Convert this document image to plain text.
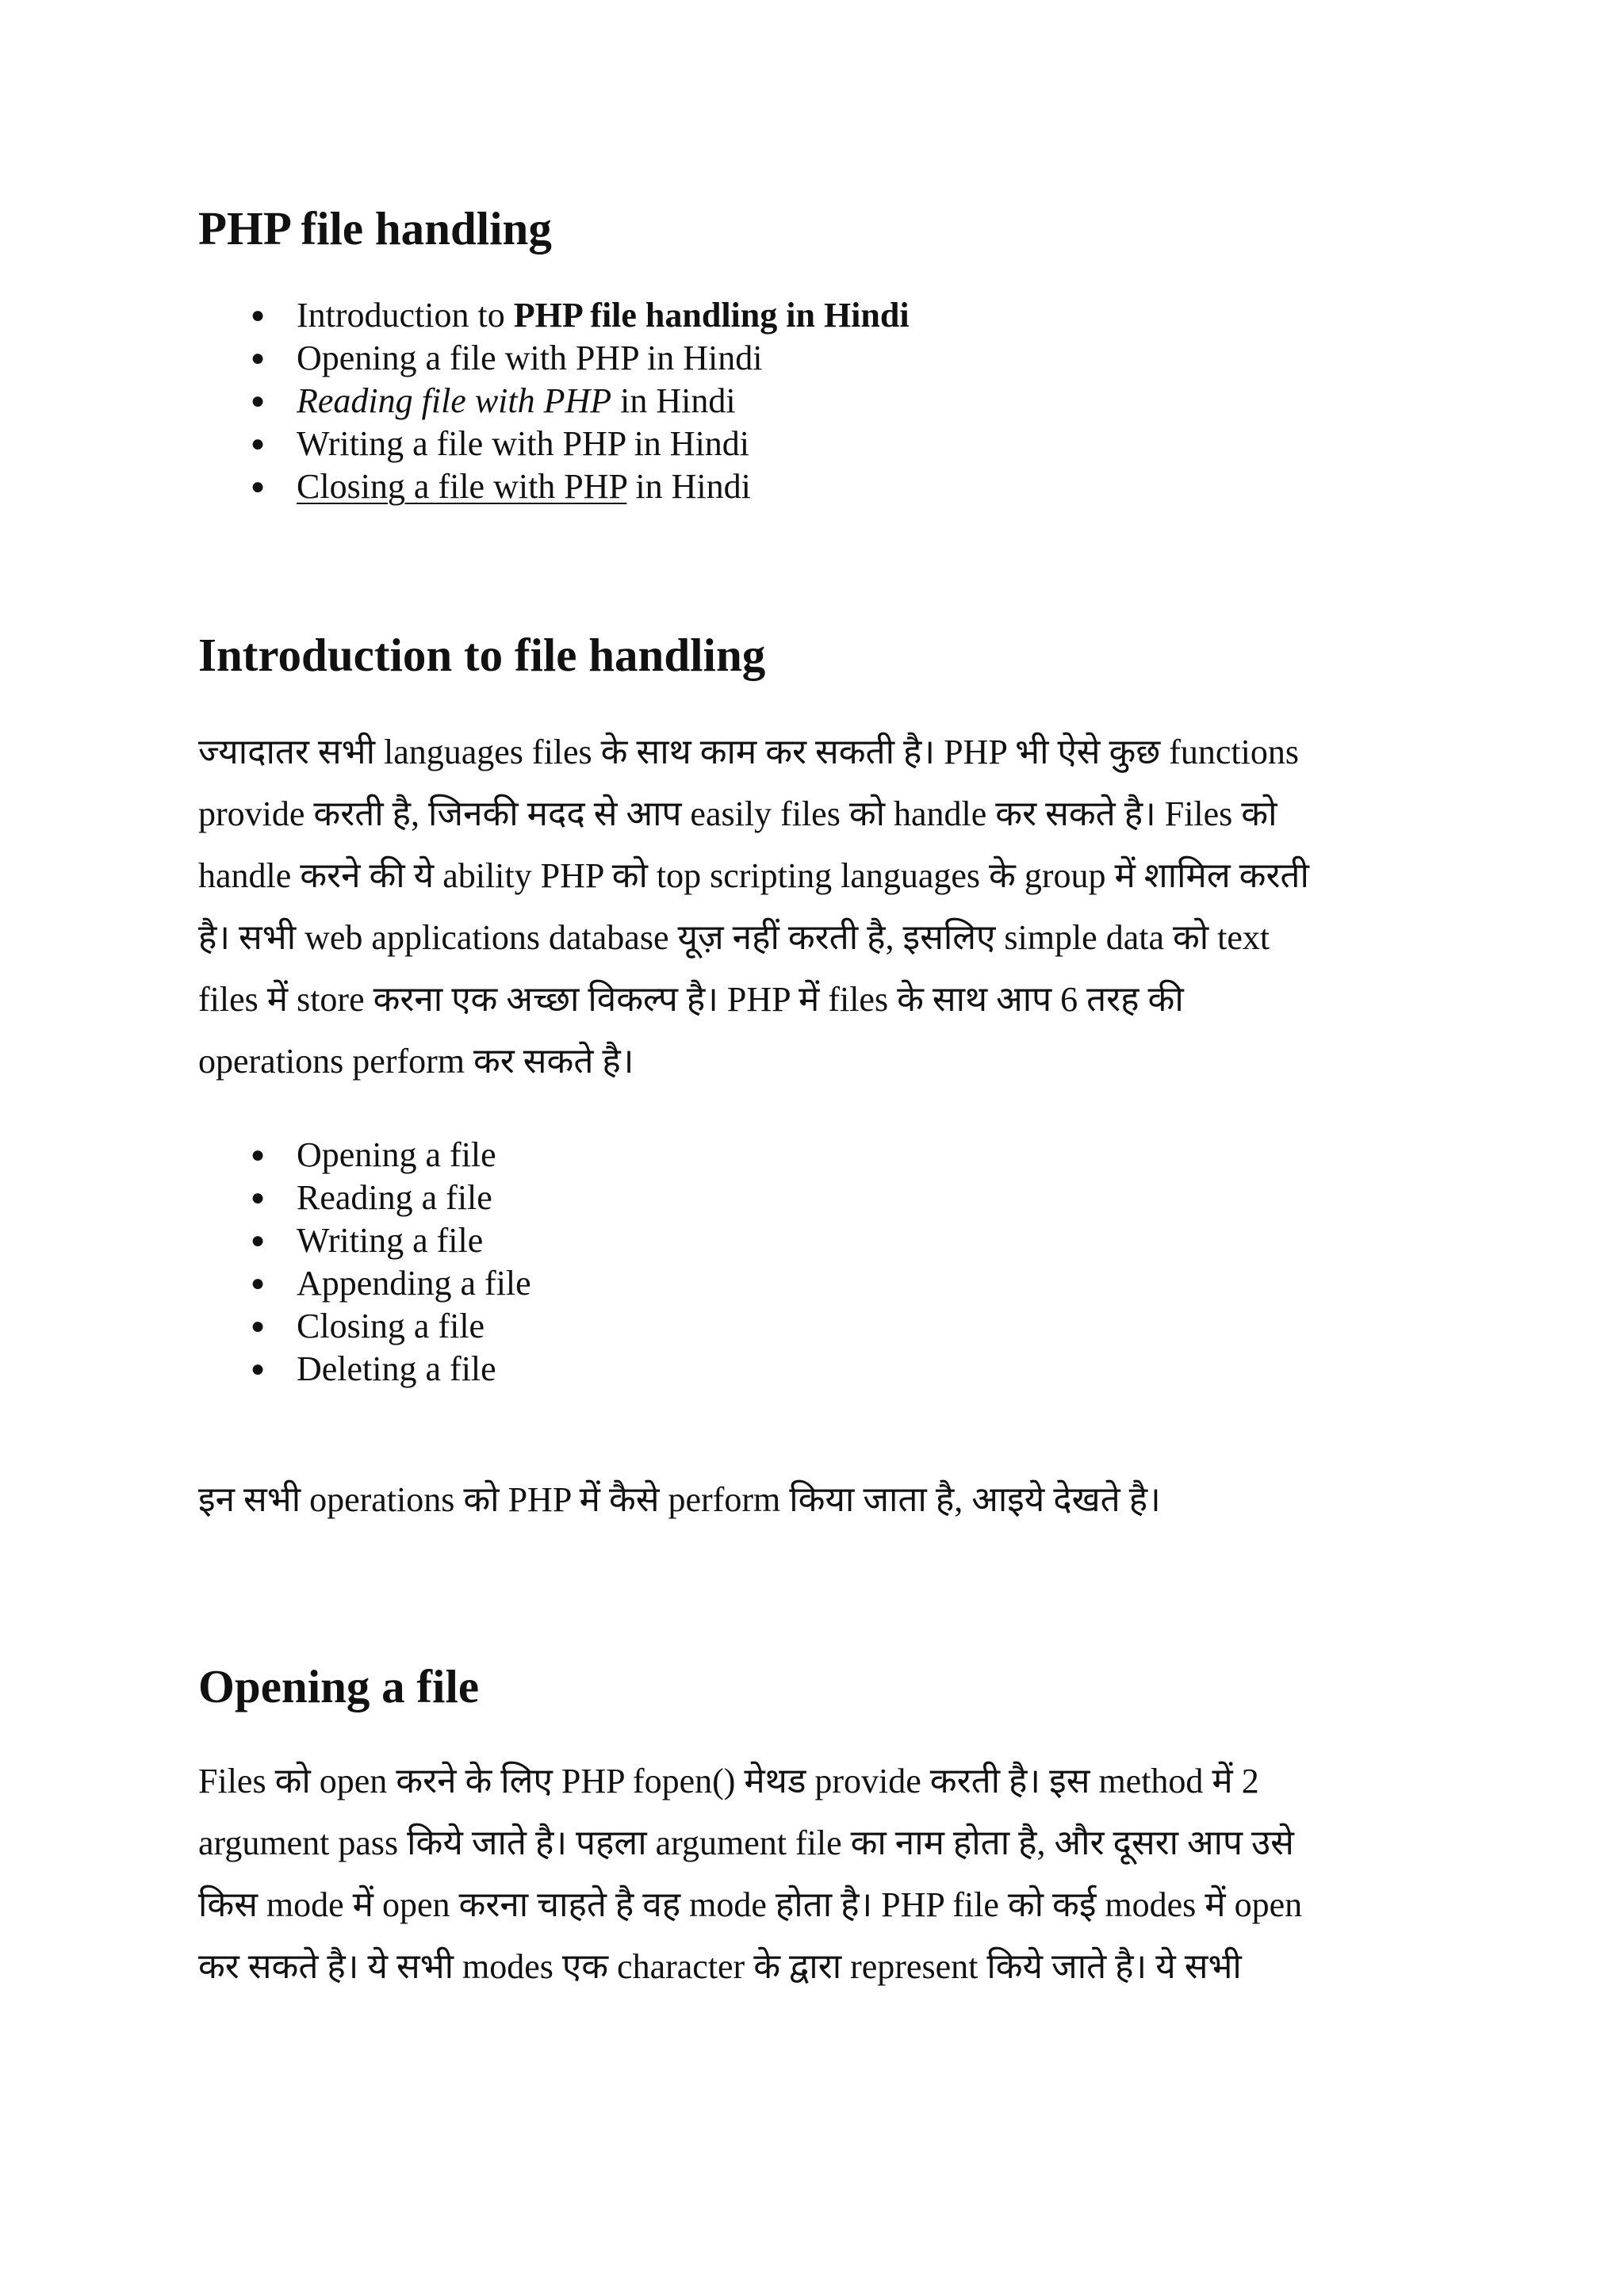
PHP file handling
● Introduction to PHP file handling in Hindi
● Opening a file with PHP in Hindi
● Reading file with PHP in Hindi
● Writing a file with PHP in Hindi
● Closing a file with PHP in Hindi
Introduction to file handling
ज्यादातर सभी languages files के साथ काम कर सकती है। PHP भी ऐसे कुछ functions
provide करती है, जिनकी मदद से आप easily files को handle कर सकते है। Files को
handle करने की ये ability PHP को top scripting languages के group में शामिल करती
है। सभी web applications database यूज़ नहीं करती है, इसलिए simple data को text
files में store करना एक अच्छा विकल्प है। PHP में files के साथ आप 6 तरह की
operations perform कर सकते है।
● Opening a file
● Reading a file
● Writing a file
● Appending a file
● Closing a file
● Deleting a file
इन सभी operations को PHP में कैसे perform किया जाता है, आइये देखते है।
Opening a file
Files को open करने के लिए PHP fopen() मेथड provide करती है। इस method में 2
argument pass किये जाते है। पहला argument file का नाम होता है, और दूसरा आप उसे
किस mode में open करना चाहते है वह mode होता है। PHP file को कई modes में open
कर सकते है। ये सभी modes एक character के द्वारा represent किये जाते है। ये सभी
